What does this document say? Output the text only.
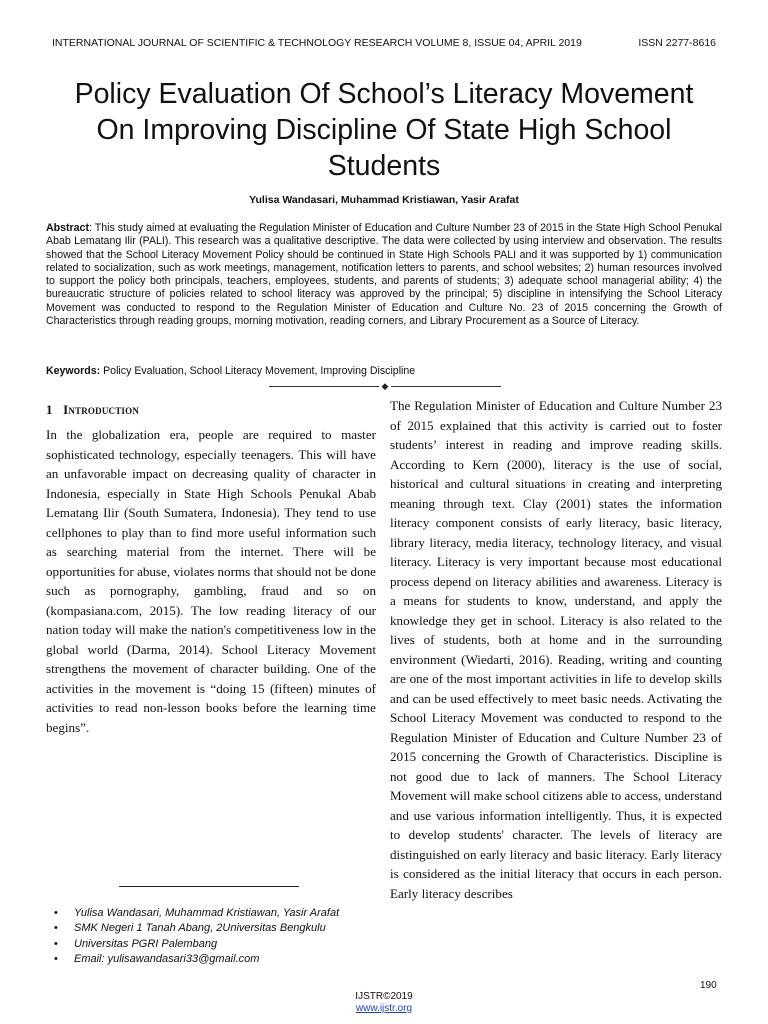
INTERNATIONAL JOURNAL OF SCIENTIFIC & TECHNOLOGY RESEARCH VOLUME 8, ISSUE 04, APRIL 2019	ISSN 2277-8616
Policy Evaluation Of School’s Literacy Movement
On Improving Discipline Of State High School
Students
Yulisa Wandasari, Muhammad Kristiawan, Yasir Arafat
Abstract: This study aimed at evaluating the Regulation Minister of Education and Culture Number 23 of 2015 in the State High School Penukal Abab Lematang Ilir (PALI). This research was a qualitative descriptive. The data were collected by using interview and observation. The results showed that the School Literacy Movement Policy should be continued in State High Schools PALI and it was supported by 1) communication related to socialization, such as work meetings, management, notification letters to parents, and school websites; 2) human resources involved to support the policy both principals, teachers, employees, students, and parents of students; 3) adequate school managerial ability; 4) the bureaucratic structure of policies related to school literacy was approved by the principal; 5) discipline in intensifying the School Literacy Movement was conducted to respond to the Regulation Minister of Education and Culture No. 23 of 2015 concerning the Growth of Characteristics through reading groups, morning motivation, reading corners, and Library Procurement as a Source of Literacy.
Keywords: Policy Evaluation, School Literacy Movement, Improving Discipline
◆
1 Introduction
In the globalization era, people are required to master sophisticated technology, especially teenagers. This will have an unfavorable impact on decreasing quality of character in Indonesia, especially in State High Schools Penukal Abab Lematang Ilir (South Sumatera, Indonesia). They tend to use cellphones to play than to find more useful information such as searching material from the internet. There will be opportunities for abuse, violates norms that should not be done such as pornography, gambling, fraud and so on (kompasiana.com, 2015). The low reading literacy of our nation today will make the nation's competitiveness low in the global world (Darma, 2014). School Literacy Movement strengthens the movement of character building. One of the activities in the movement is “doing 15 (fifteen) minutes of activities to read non-lesson books before the learning time begins”.
The Regulation Minister of Education and Culture Number 23 of 2015 explained that this activity is carried out to foster students’ interest in reading and improve reading skills. According to Kern (2000), literacy is the use of social, historical and cultural situations in creating and interpreting meaning through text. Clay (2001) states the information literacy component consists of early literacy, basic literacy, library literacy, media literacy, technology literacy, and visual literacy. Literacy is very important because most educational process depend on literacy abilities and awareness. Literacy is a means for students to know, understand, and apply the knowledge they get in school. Literacy is also related to the lives of students, both at home and in the surrounding environment (Wiedarti, 2016). Reading, writing and counting are one of the most important activities in life to develop skills and can be used effectively to meet basic needs. Activating the School Literacy Movement was conducted to respond to the Regulation Minister of Education and Culture Number 23 of 2015 concerning the Growth of Characteristics. Discipline is not good due to lack of manners. The School Literacy Movement will make school citizens able to access, understand and use various information intelligently. Thus, it is expected to develop students' character. The levels of literacy are distinguished on early literacy and basic literacy. Early literacy is considered as the initial literacy that occurs in each person. Early literacy describes
• Yulisa Wandasari, Muhammad Kristiawan, Yasir Arafat
• SMK Negeri 1 Tanah Abang, 2Universitas Bengkulu
• Universitas PGRI Palembang
• Email: yulisawandasari33@gmail.com
190
IJSTR©2019
www.ijstr.org
